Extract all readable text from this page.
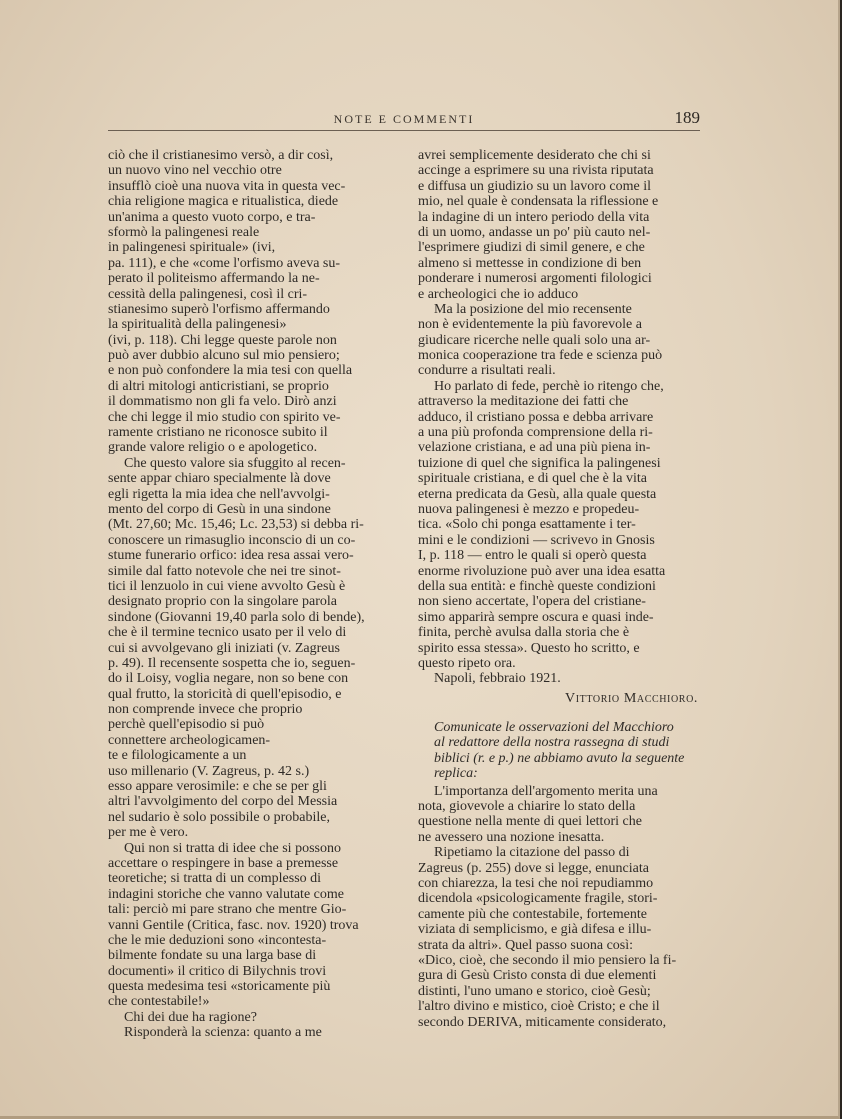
NOTE E COMMENTI	189
ciò che il cristianesimo versò, a dir così,
un nuovo vino nel vecchio otre
insufflò cioè una nuova vita in questa vec-
chia religione magica e ritualistica, diede
un'anima a questo vuoto corpo, e tra-
sformò la palingenesi reale
in palingenesi spirituale» (ivi,
pa. 111), e che «come l'orfismo aveva su-
perato il politeismo affermando la ne-
cessità della palingenesi, così il cri-
stianesimo superò l'orfismo affermando
la spiritualità della palingenesi»
(ivi, p. 118). Chi legge queste parole non
può aver dubbio alcuno sul mio pensiero;
e non può confondere la mia tesi con quella
di altri mitologi anticristiani, se proprio
il dommatismo non gli fa velo. Dirò anzi
che chi legge il mio studio con spirito ve-
ramente cristiano ne riconosce subito il
grande valore religio o e apologetico.
Che questo valore sia sfuggito al recen-
sente appar chiaro specialmente là dove
egli rigetta la mia idea che nell'avvolgi-
mento del corpo di Gesù in una sindone
(Mt. 27,60; Mc. 15,46; Lc. 23,53) si debba ri-
conoscere un rimasuglio inconscio di un co-
stume funerario orfico: idea resa assai vero-
simile dal fatto notevole che nei tre sinot-
tici il lenzuolo in cui viene avvolto Gesù è
designato proprio con la singolare parola
sindone (Giovanni 19,40 parla solo di bende),
che è il termine tecnico usato per il velo di
cui si avvolgevano gli iniziati (v. Zagreus
p. 49). Il recensente sospetta che io, seguen-
do il Loisy, voglia negare, non so bene con
qual frutto, la storicità di quell'episodio, e
non comprende invece che proprio
perchè quell'episodio si può
connettere archeologicamen-
te e filologicamente a un
uso millenario (V. Zagreus, p. 42 s.)
esso appare verosimile: e che se per gli
altri l'avvolgimento del corpo del Messia
nel sudario è solo possibile o probabile,
per me è vero.
Qui non si tratta di idee che si possono
accettare o respingere in base a premesse
teoretiche; si tratta di un complesso di
indagini storiche che vanno valutate come
tali: perciò mi pare strano che mentre Gio-
vanni Gentile (Critica, fasc. nov. 1920) trova
che le mie deduzioni sono «incontesta-
bilmente fondate su una larga base di
documenti» il critico di Bilychnis trovi
questa medesima tesi «storicamente più
che contestabile!»
Chi dei due ha ragione?
Risponderà la scienza: quanto a me
avrei semplicemente desiderato che chi si
accinge a esprimere su una rivista riputata
e diffusa un giudizio su un lavoro come il
mio, nel quale è condensata la riflessione e
la indagine di un intero periodo della vita
di un uomo, andasse un po' più cauto nel-
l'esprimere giudizi di simil genere, e che
almeno si mettesse in condizione di ben
ponderare i numerosi argomenti filologici
e archeologici che io adduco
Ma la posizione del mio recensente
non è evidentemente la più favorevole a
giudicare ricerche nelle quali solo una ar-
monica cooperazione tra fede e scienza può
condurre a risultati reali.
Ho parlato di fede, perchè io ritengo che,
attraverso la meditazione dei fatti che
adduco, il cristiano possa e debba arrivare
a una più profonda comprensione della ri-
velazione cristiana, e ad una più piena in-
tuizione di quel che significa la palingenesi
spirituale cristiana, e di quel che è la vita
eterna predicata da Gesù, alla quale questa
nuova palingenesi è mezzo e propedeu-
tica. «Solo chi ponga esattamente i ter-
mini e le condizioni — scrivevo in Gnosis
I, p. 118 — entro le quali si operò questa
enorme rivoluzione può aver una idea esatta
della sua entità: e finchè queste condizioni
non sieno accertate, l'opera del cristiane-
simo apparirà sempre oscura e quasi inde-
finita, perchè avulsa dalla storia che è
spirito essa stessa». Questo ho scritto, e
questo ripeto ora.
Napoli, febbraio 1921.
Vittorio Macchioro.
Comunicate le osservazioni del Macchioro
al redattore della nostra rassegna di studi
biblici (r. e p.) ne abbiamo avuto la seguente
replica:
L'importanza dell'argomento merita una
nota, giovevole a chiarire lo stato della
questione nella mente di quei lettori che
ne avessero una nozione inesatta.
Ripetiamo la citazione del passo di
Zagreus (p. 255) dove si legge, enunciata
con chiarezza, la tesi che noi repudiammo
dicendola «psicologicamente fragile, stori-
camente più che contestabile, fortemente
viziata di semplicismo, e già difesa e illu-
strata da altri». Quel passo suona così:
«Dico, cioè, che secondo il mio pensiero la fi-
gura di Gesù Cristo consta di due elementi
distinti, l'uno umano e storico, cioè Gesù;
l'altro divino e mistico, cioè Cristo; e che il
secondo DERIVA, miticamente considerato,
